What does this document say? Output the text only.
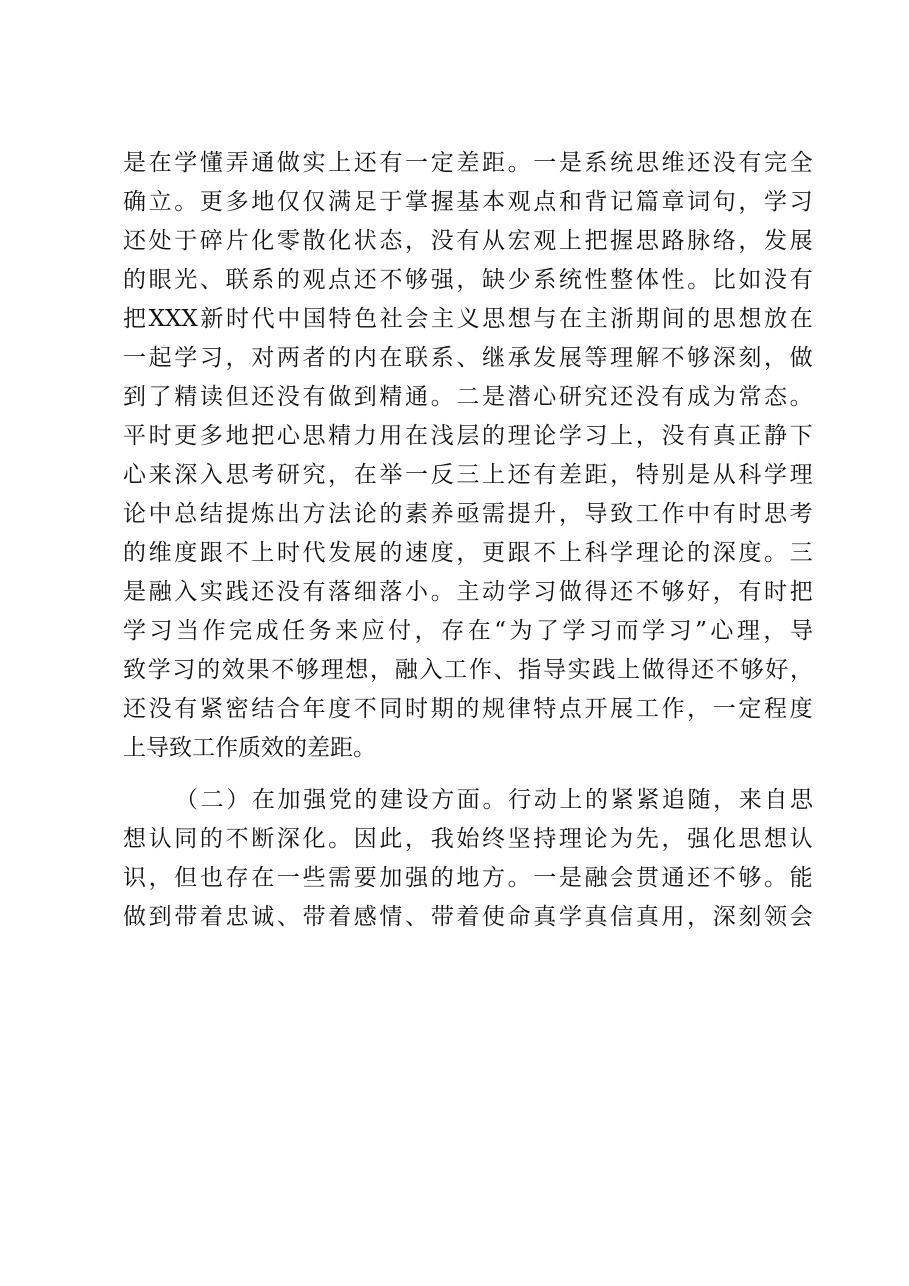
是 在 学 懂 弄 通 做 实 上 还 有 一 定 差 距 。 一 是 系 统 思 维 还 没 有 完 全
确 立 。 更 多 地 仅 仅 满 足 于 掌 握 基 本 观 点 和 背 记 篇 章 词 句 ， 学 习
还 处 于 碎 片 化 零 散 化 状 态 ， 没 有 从 宏 观 上 把 握 思 路 脉 络 ， 发 展
的 眼 光 、 联 系 的 观 点 还 不 够 强 ， 缺 少 系 统 性 整 体 性 。 比 如 没 有
把 XXX 新 时 代 中 国 特 色 社 会 主 义 思 想 与 在 主 浙 期 间 的 思 想 放 在
一 起 学 习 ， 对 两 者 的 内 在 联 系 、 继 承 发 展 等 理 解 不 够 深 刻 ， 做
到 了 精 读 但 还 没 有 做 到 精 通 。 二 是 潜 心 研 究 还 没 有 成 为 常 态 。
平 时 更 多 地 把 心 思 精 力 用 在 浅 层 的 理 论 学 习 上 ， 没 有 真 正 静 下
心 来 深 入 思 考 研 究 ， 在 举 一 反 三 上 还 有 差 距 ， 特 别 是 从 科 学 理
论 中 总 结 提 炼 出 方 法 论 的 素 养 亟 需 提 升 ， 导 致 工 作 中 有 时 思 考
的 维 度 跟 不 上 时 代 发 展 的 速 度 ， 更 跟 不 上 科 学 理 论 的 深 度 。 三
是 融 入 实 践 还 没 有 落 细 落 小 。 主 动 学 习 做 得 还 不 够 好 ， 有 时 把
学 习 当 作 完 成 任 务 来 应 付 ， 存 在 “ 为 了 学 习 而 学 习 ” 心 理 ， 导
致 学 习 的 效 果 不 够 理 想 ， 融 入 工 作 、 指 导 实 践 上 做 得 还 不 够 好 ，
还 没 有 紧 密 结 合 年 度 不 同 时 期 的 规 律 特 点 开 展 工 作 ， 一 定 程 度
上导致工作质效的差距。
（ 二 ） 在 加 强 党 的 建 设 方 面 。 行 动 上 的 紧 紧 追 随 ， 来 自 思
想 认 同 的 不 断 深 化 。 因 此 ， 我 始 终 坚 持 理 论 为 先 ， 强 化 思 想 认
识 ， 但 也 存 在 一 些 需 要 加 强 的 地 方 。 一 是 融 会 贯 通 还 不 够 。 能
做 到 带 着 忠 诚 、 带 着 感 情 、 带 着 使 命 真 学 真 信 真 用 ， 深 刻 领 会
